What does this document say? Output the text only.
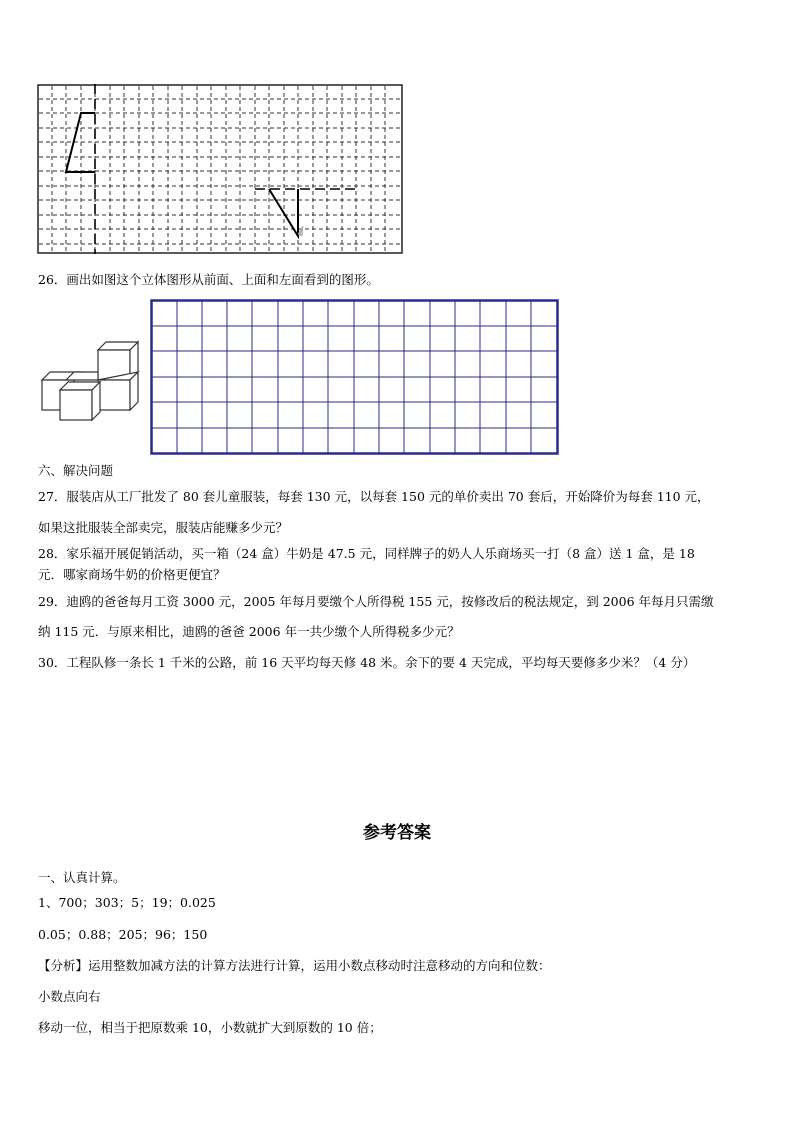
26．画出如图这个立体图形从前面、上面和左面看到的图形。
六、解决问题
27．服装店从工厂批发了 80 套儿童服装，每套 130 元，以每套 150 元的单价卖出 70 套后，开始降价为每套 110 元，
如果这批服装全部卖完，服装店能赚多少元？
28．家乐福开展促销活动，买一箱（24 盒）牛奶是 47.5 元，同样牌子的奶人人乐商场买一打（8 盒）送 1 盒，是 18
元．哪家商场牛奶的价格更便宜？
29．迪鸥的爸爸每月工资 3000 元，2005 年每月要缴个人所得税 155 元，按修改后的税法规定，到 2006 年每月只需缴
纳 115 元．与原来相比，迪鸥的爸爸 2006 年一共少缴个人所得税多少元？
30．工程队修一条长 1 千米的公路，前 16 天平均每天修 48 米。余下的要 4 天完成，平均每天要修多少米？（4 分）
参考答案
一、认真计算。
1、700；303；5；19；0.025
0.05；0.88；205；96；150
【分析】运用整数加减方法的计算方法进行计算，运用小数点移动时注意移动的方向和位数：
小数点向右
移动一位，相当于把原数乘 10，小数就扩大到原数的 10 倍；
